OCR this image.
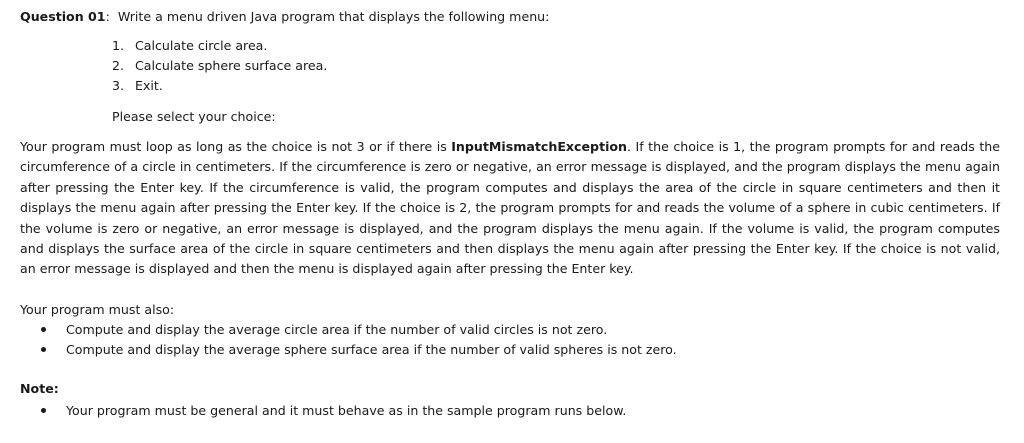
Question 01: Write a menu driven Java program that displays the following menu:
1. Calculate circle area.
2. Calculate sphere surface area.
3. Exit.
Please select your choice:

Your program must loop as long as the choice is not 3 or if there is InputMismatchException. If the choice is 1, the program prompts for and reads the circumference of a circle in centimeters. If the circumference is zero or negative, an error message is displayed, and the program displays the menu again after pressing the Enter key. If the circumference is valid, the program computes and displays the area of the circle in square centimeters and then it displays the menu again after pressing the Enter key. If the choice is 2, the program prompts for and reads the volume of a sphere in cubic centimeters. If the volume is zero or negative, an error message is displayed, and the program displays the menu again. If the volume is valid, the program computes and displays the surface area of the circle in square centimeters and then displays the menu again after pressing the Enter key. If the choice is not valid, an error message is displayed and then the menu is displayed again after pressing the Enter key.

Your program must also:
Compute and display the average circle area if the number of valid circles is not zero.
Compute and display the average sphere surface area if the number of valid spheres is not zero.
Note:
Your program must be general and it must behave as in the sample program runs below.
